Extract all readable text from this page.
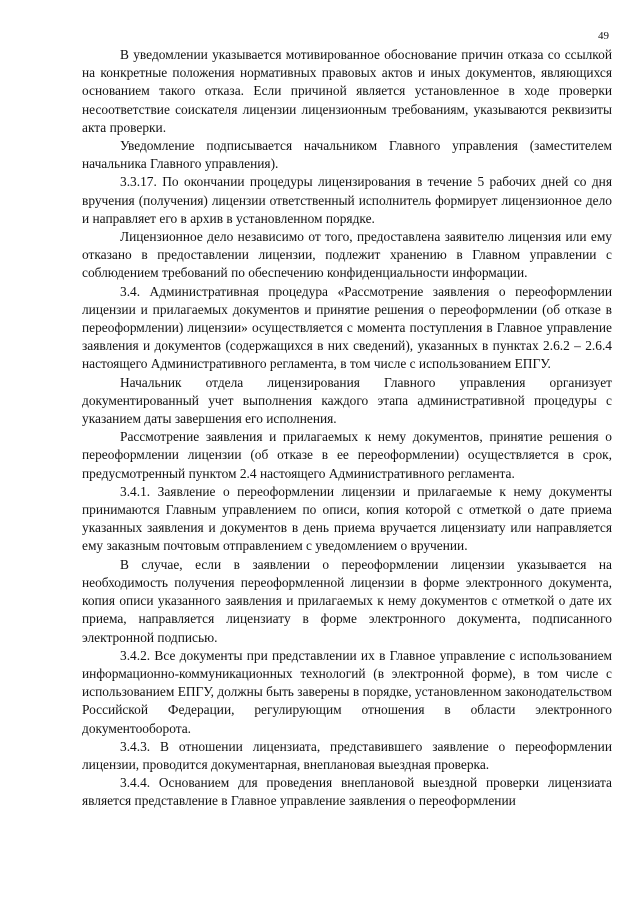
49

В уведомлении указывается мотивированное обоснование причин отказа со ссылкой на конкретные положения нормативных правовых актов и иных документов, являющихся основанием такого отказа. Если причиной является установленное в ходе проверки несоответствие соискателя лицензии лицензионным требованиям, указываются реквизиты акта проверки.

Уведомление подписывается начальником Главного управления (заместителем начальника Главного управления).

3.3.17. По окончании процедуры лицензирования в течение 5 рабочих дней со дня вручения (получения) лицензии ответственный исполнитель формирует лицензионное дело и направляет его в архив в установленном порядке.

Лицензионное дело независимо от того, предоставлена заявителю лицензия или ему отказано в предоставлении лицензии, подлежит хранению в Главном управлении с соблюдением требований по обеспечению конфиденциальности информации.

3.4. Административная процедура «Рассмотрение заявления о переоформлении лицензии и прилагаемых документов и принятие решения о переоформлении (об отказе в переоформлении) лицензии» осуществляется с момента поступления в Главное управление заявления и документов (содержащихся в них сведений), указанных в пунктах 2.6.2 – 2.6.4 настоящего Административного регламента, в том числе с использованием ЕПГУ.

Начальник отдела лицензирования Главного управления организует документированный учет выполнения каждого этапа административной процедуры с указанием даты завершения его исполнения.

Рассмотрение заявления и прилагаемых к нему документов, принятие решения о переоформлении лицензии (об отказе в ее переоформлении) осуществляется в срок, предусмотренный пунктом 2.4 настоящего Административного регламента.

3.4.1. Заявление о переоформлении лицензии и прилагаемые к нему документы принимаются Главным управлением по описи, копия которой с отметкой о дате приема указанных заявления и документов в день приема вручается лицензиату или направляется ему заказным почтовым отправлением с уведомлением о вручении.

В случае, если в заявлении о переоформлении лицензии указывается на необходимость получения переоформленной лицензии в форме электронного документа, копия описи указанного заявления и прилагаемых к нему документов с отметкой о дате их приема, направляется лицензиату в форме электронного документа, подписанного электронной подписью.

3.4.2. Все документы при представлении их в Главное управление с использованием информационно-коммуникационных технологий (в электронной форме), в том числе с использованием ЕПГУ, должны быть заверены в порядке, установленном законодательством Российской Федерации, регулирующим отношения в области электронного документооборота.

3.4.3. В отношении лицензиата, представившего заявление о переоформлении лицензии, проводится документарная, внеплановая выездная проверка.

3.4.4. Основанием для проведения внеплановой выездной проверки лицензиата является представление в Главное управление заявления о переоформлении
